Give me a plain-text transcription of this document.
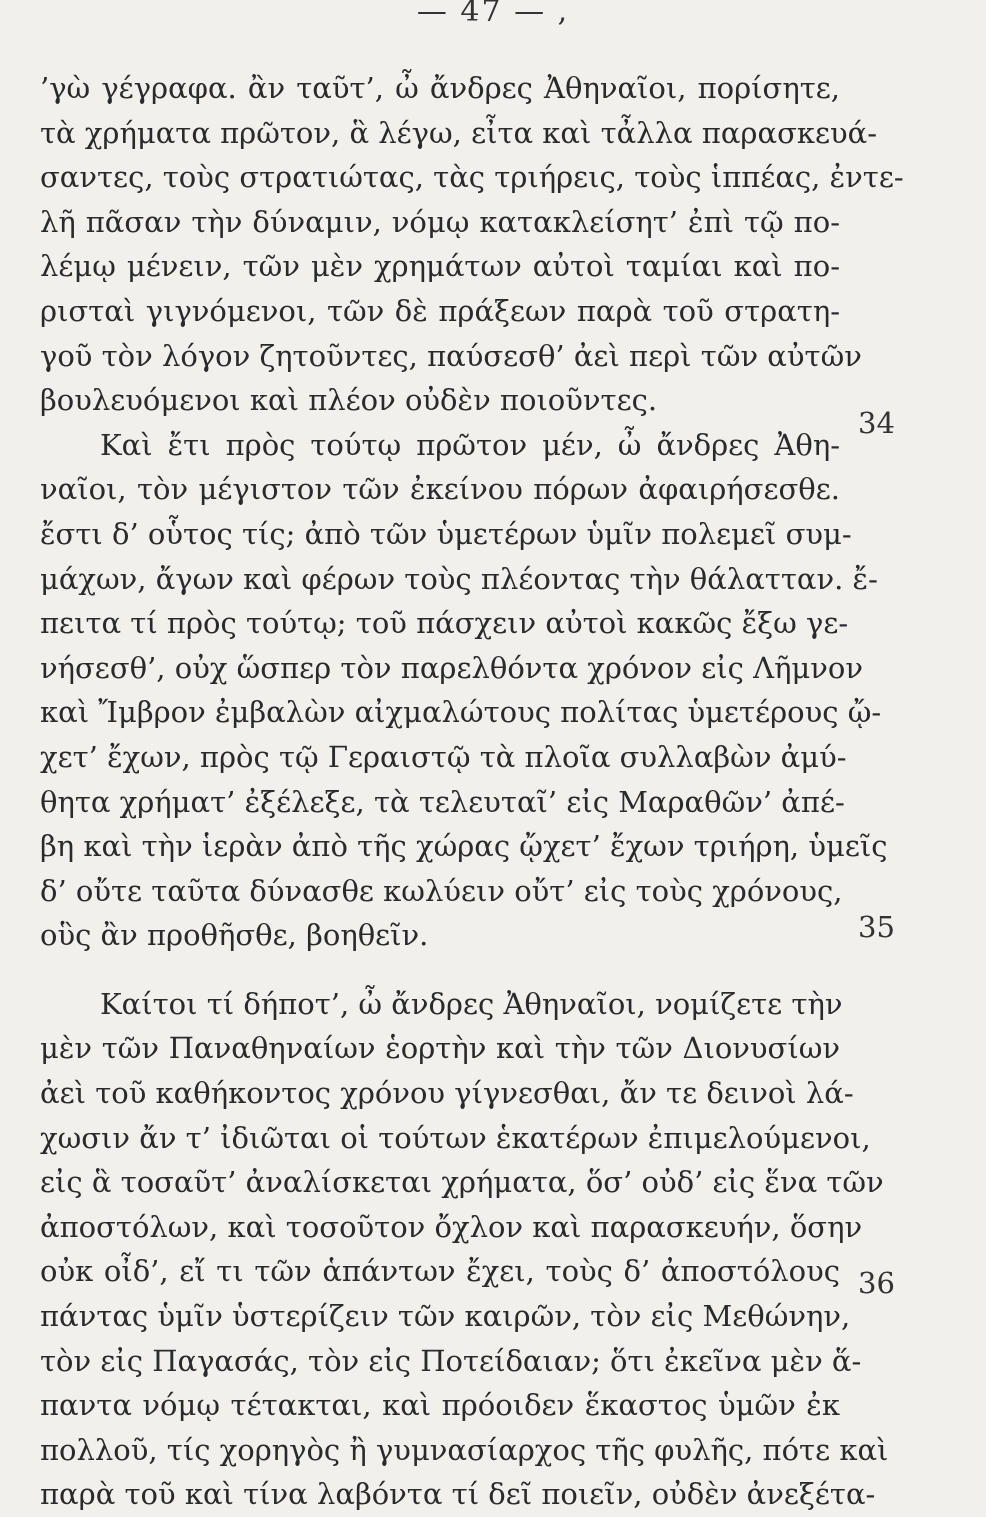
— 47 — ,
’γὼ γέγραφα. ἂν ταῦτ’, ὦ ἄνδρες Ἀθηναῖοι, πορίσητε,
τὰ χρήματα πρῶτον, ἃ λέγω, εἶτα καὶ τἆλλα παρασκευά-
σαντες, τοὺς στρατιώτας, τὰς τριήρεις, τοὺς ἱππέας, ἐντε-
λῆ πᾶσαν τὴν δύναμιν, νόμῳ κατακλείσητ’ ἐπὶ τῷ πο-
λέμῳ μένειν, τῶν μὲν χρημάτων αὐτοὶ ταμίαι καὶ πο-
ρισταὶ γιγνόμενοι, τῶν δὲ πράξεων παρὰ τοῦ στρατη-
γοῦ τὸν λόγον ζητοῦντες, παύσεσθ’ ἀεὶ περὶ τῶν αὐτῶν
βουλευόμενοι καὶ πλέον οὐδὲν ποιοῦντες.
Καὶ ἔτι πρὸς τούτῳ πρῶτον μέν, ὦ ἄνδρες Ἀθη-
ναῖοι, τὸν μέγιστον τῶν ἐκείνου πόρων ἀφαιρήσεσθε.
ἔστι δ’ οὗτος τίς; ἀπὸ τῶν ὑμετέρων ὑμῖν πολεμεῖ συμ-
μάχων, ἄγων καὶ φέρων τοὺς πλέοντας τὴν θάλατταν. ἔ-
πειτα τί πρὸς τούτῳ; τοῦ πάσχειν αὐτοὶ κακῶς ἔξω γε-
νήσεσθ’, οὐχ ὥσπερ τὸν παρελθόντα χρόνον εἰς Λῆμνον
καὶ Ἴμβρον ἐμβαλὼν αἰχμαλώτους πολίτας ὑμετέρους ᾤ-
χετ’ ἔχων, πρὸς τῷ Γεραιστῷ τὰ πλοῖα συλλαβὼν ἀμύ-
θητα χρήματ’ ἐξέλεξε, τὰ τελευταῖ’ εἰς Μαραθῶν’ ἀπέ-
βη καὶ τὴν ἱερὰν ἀπὸ τῆς χώρας ᾤχετ’ ἔχων τριήρη, ὑμεῖς
δ’ οὔτε ταῦτα δύνασθε κωλύειν οὔτ’ εἰς τοὺς χρόνους,
οὓς ἂν προθῆσθε, βοηθεῖν.
Καίτοι τί δήποτ’, ὦ ἄνδρες Ἀθηναῖοι, νομίζετε τὴν
μὲν τῶν Παναθηναίων ἑορτὴν καὶ τὴν τῶν Διονυσίων
ἀεὶ τοῦ καθήκοντος χρόνου γίγνεσθαι, ἄν τε δεινοὶ λά-
χωσιν ἄν τ’ ἰδιῶται οἱ τούτων ἑκατέρων ἐπιμελούμενοι,
εἰς ἃ τοσαῦτ’ ἀναλίσκεται χρήματα, ὅσ’ οὐδ’ εἰς ἕνα τῶν
ἀποστόλων, καὶ τοσοῦτον ὄχλον καὶ παρασκευήν, ὅσην
οὐκ οἶδ’, εἴ τι τῶν ἁπάντων ἔχει, τοὺς δ’ ἀποστόλους
πάντας ὑμῖν ὑστερίζειν τῶν καιρῶν, τὸν εἰς Μεθώνην,
τὸν εἰς Παγασάς, τὸν εἰς Ποτείδαιαν; ὅτι ἐκεῖνα μὲν ἅ-
παντα νόμῳ τέτακται, καὶ πρόοιδεν ἕκαστος ὑμῶν ἐκ
πολλοῦ, τίς χορηγὸς ἢ γυμνασίαρχος τῆς φυλῆς, πότε καὶ
παρὰ τοῦ καὶ τίνα λαβόντα τί δεῖ ποιεῖν, οὐδὲν ἀνεξέτα-
34
35
36
